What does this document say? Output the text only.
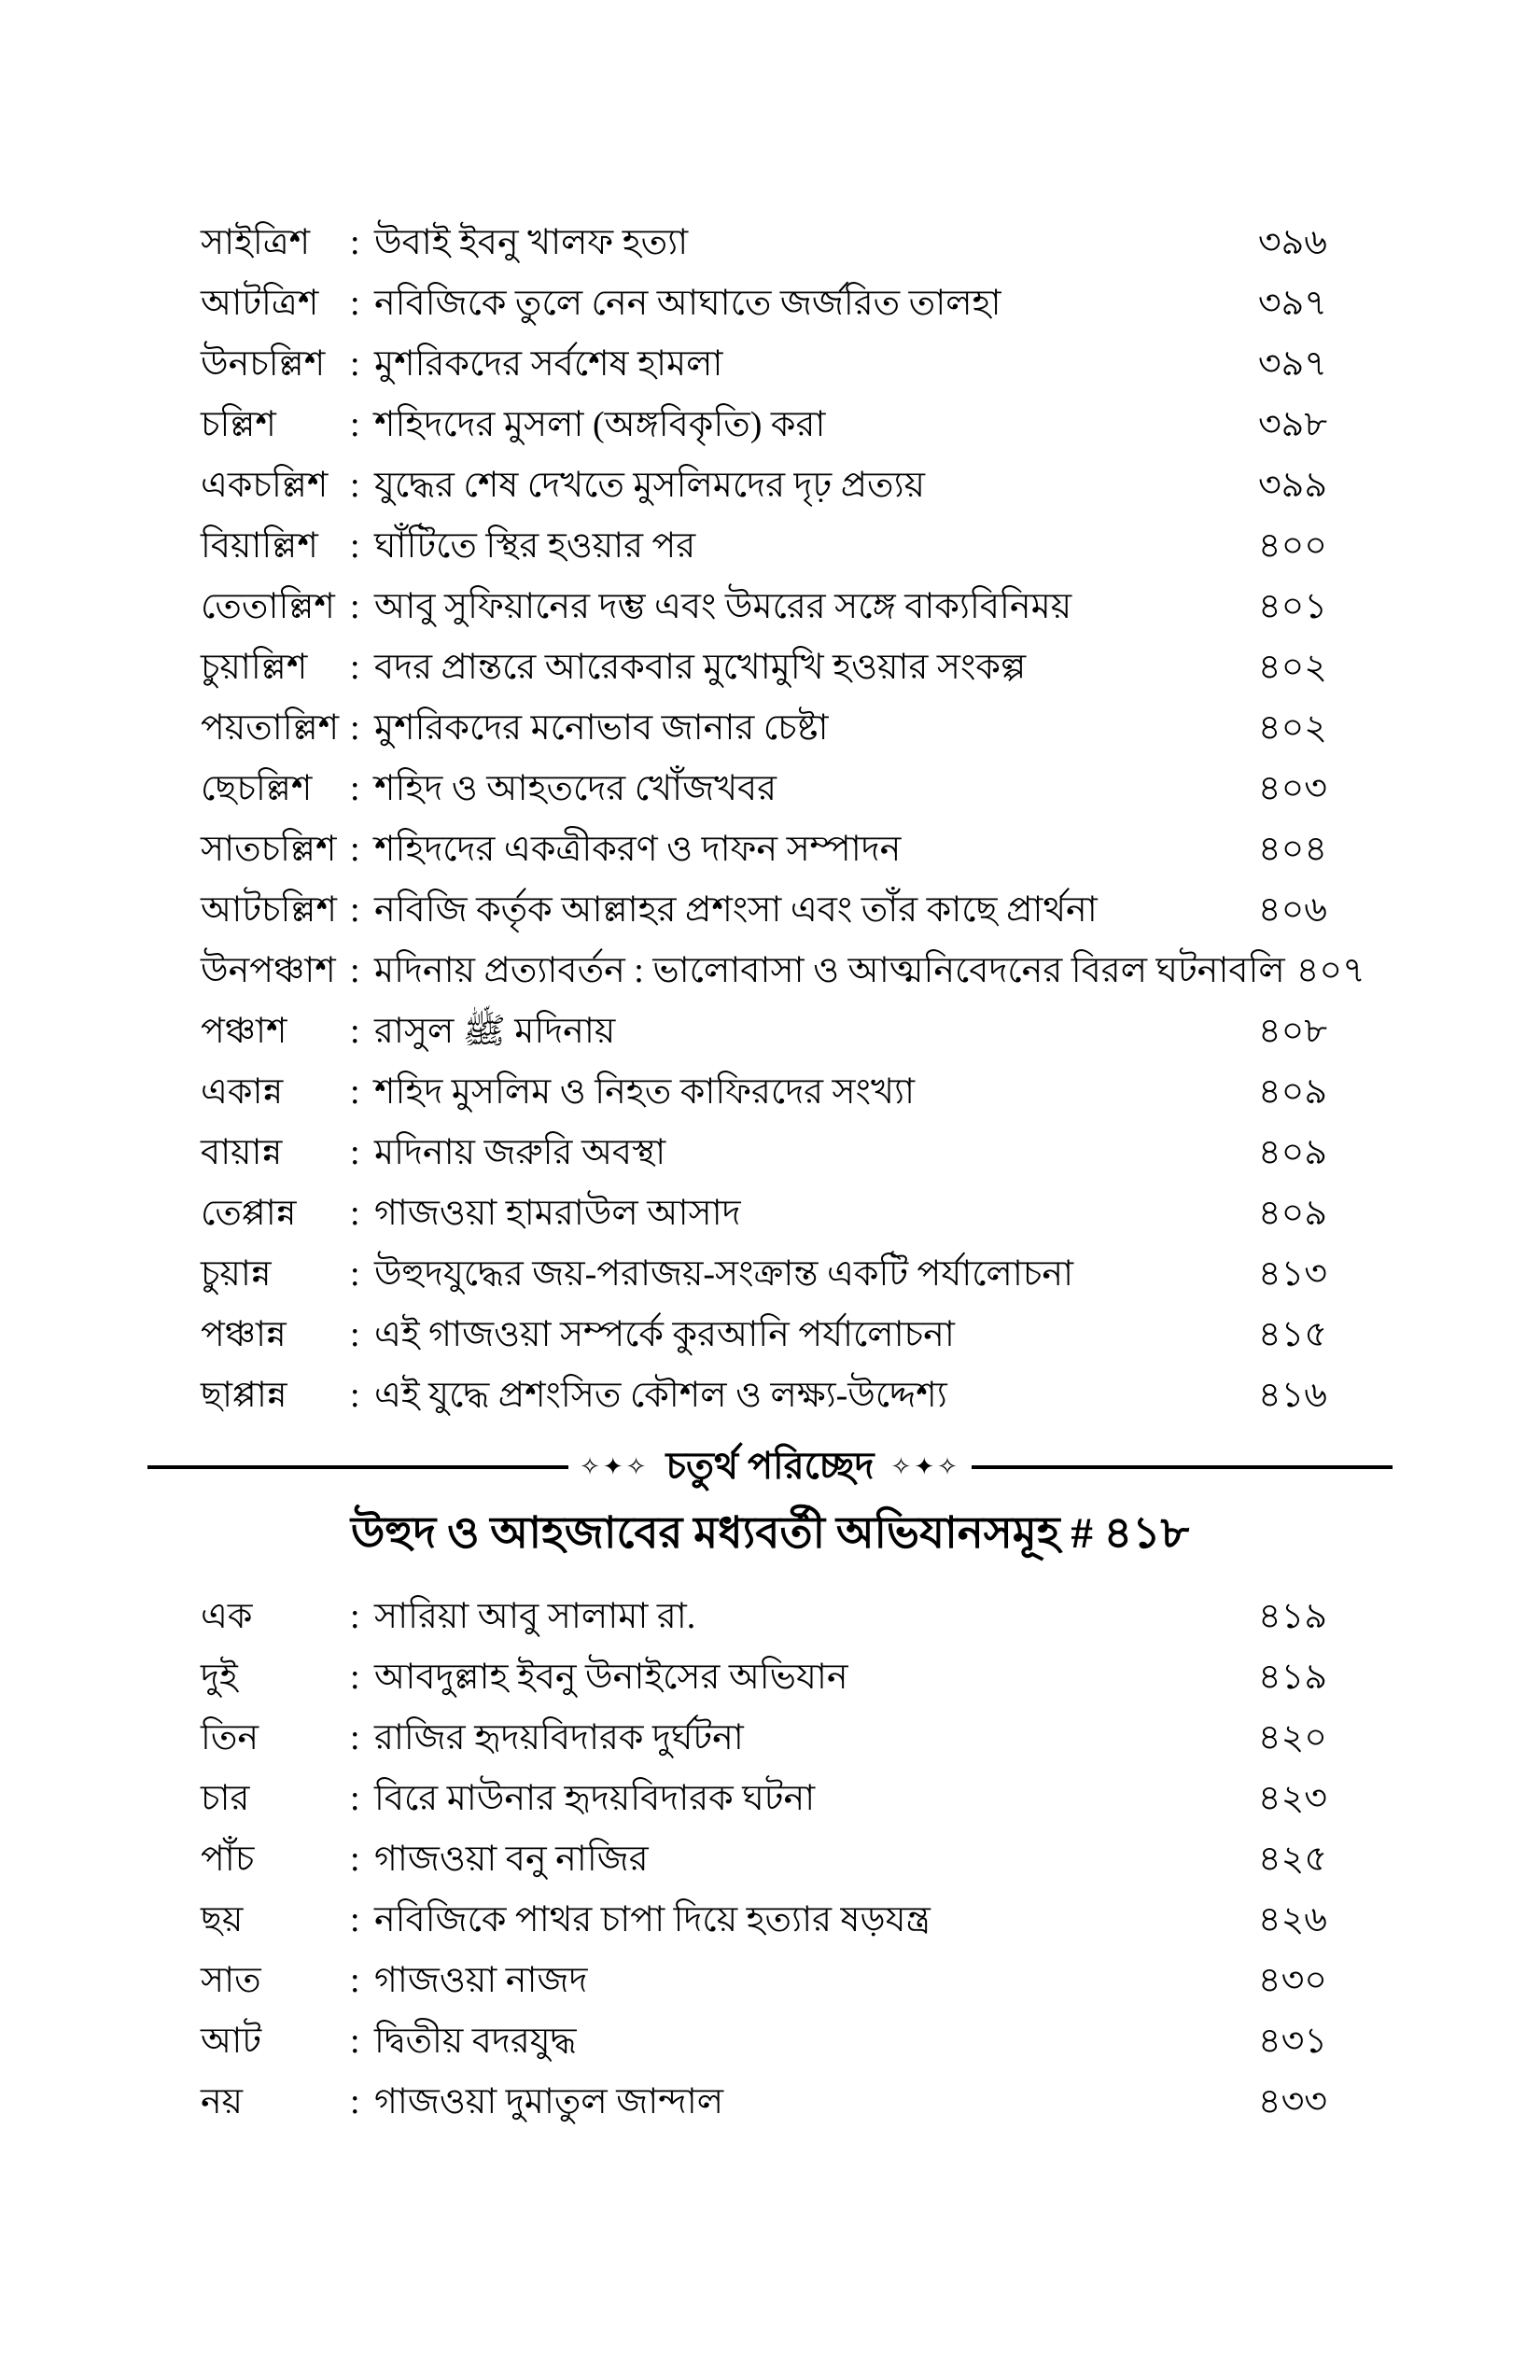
সাইত্রিশ	: উবাই ইবনু খালফ হত্যা	৩৯৬
আটত্রিশ : নবিজিকে তুলে নেন আঘাতে জর্জরিত তালহা	৩৯৭
উনচল্লিশ : মুশরিকদের সর্বশেষ হামলা	৩৯৭
চল্লিশ	: শহিদদের মুসলা (অঙ্গবিকৃতি) করা	৩৯৮
একচল্লিশ : যুদ্ধের শেষ দেখতে মুসলিমদের দৃঢ় প্রত্যয়	৩৯৯
বিয়াল্লিশ : ঘাঁটিতে স্থির হওয়ার পর	৪০০
তেতাল্লিশ : আবু সুফিয়ানের দম্ভ এবং উমরের সঙ্গে বাক্যবিনিময়	৪০১
চুয়াল্লিশ	: বদর প্রান্তরে আরেকবার মুখোমুখি হওয়ার সংকল্প	৪০২
পয়তাল্লিশ : মুশরিকদের মনোভাব জানার চেষ্টা	৪০২
ছেচল্লিশ	: শহিদ ও আহতদের খোঁজখবর	৪০৩
সাতচল্লিশ : শহিদদের একত্রীকরণ ও দাফন সম্পাদন	৪০৪
আটচল্লিশ : নবিজি কর্তৃক আল্লাহর প্রশংসা এবং তাঁর কাছে প্রার্থনা	৪০৬
উনপঞ্চাশ : মদিনায় প্রত্যাবর্তন : ভালোবাসা ও আত্মনিবেদনের বিরল ঘটনাবলি ৪০৭
পঞ্চাশ	: রাসুল ﷺ মদিনায়	৪০৮
একান্ন	: শহিদ মুসলিম ও নিহত কাফিরদের সংখ্যা	৪০৯
বায়ান্ন	: মদিনায় জরুরি অবস্থা	৪০৯
তেপ্পান্ন	: গাজওয়া হামরাউল আসাদ	৪০৯
চুয়ান্ন	: উহুদযুদ্ধের জয়-পরাজয়-সংক্রান্ত একটি পর্যালোচনা	৪১৩
পঞ্চান্ন	: এই গাজওয়া সম্পর্কে কুরআনি পর্যালোচনা	৪১৫
ছাপ্পান্ন	: এই যুদ্ধে প্রশংসিত কৌশল ও লক্ষ্য-উদ্দেশ্য	৪১৬
✧✦✧ চতুর্থ পরিচ্ছেদ ✧✦✧
উহুদ ও আহজাবের মধ্যবর্তী অভিযানসমূহ # ৪১৮
এক	: সারিয়া আবু সালামা রা.	৪১৯
দুই	: আবদুল্লাহ ইবনু উনাইসের অভিযান	৪১৯
তিন	: রাজির হৃদয়বিদারক দুর্ঘটনা	৪২০
চার	: বিরে মাউনার হৃদয়বিদারক ঘটনা	৪২৩
পাঁচ	: গাজওয়া বনু নাজির	৪২৫
ছয়	: নবিজিকে পাথর চাপা দিয়ে হত্যার ষড়যন্ত্র	৪২৬
সাত	: গাজওয়া নাজদ	৪৩০
আট	: দ্বিতীয় বদরযুদ্ধ	৪৩১
নয়	: গাজওয়া দুমাতুল জান্দাল	৪৩৩
